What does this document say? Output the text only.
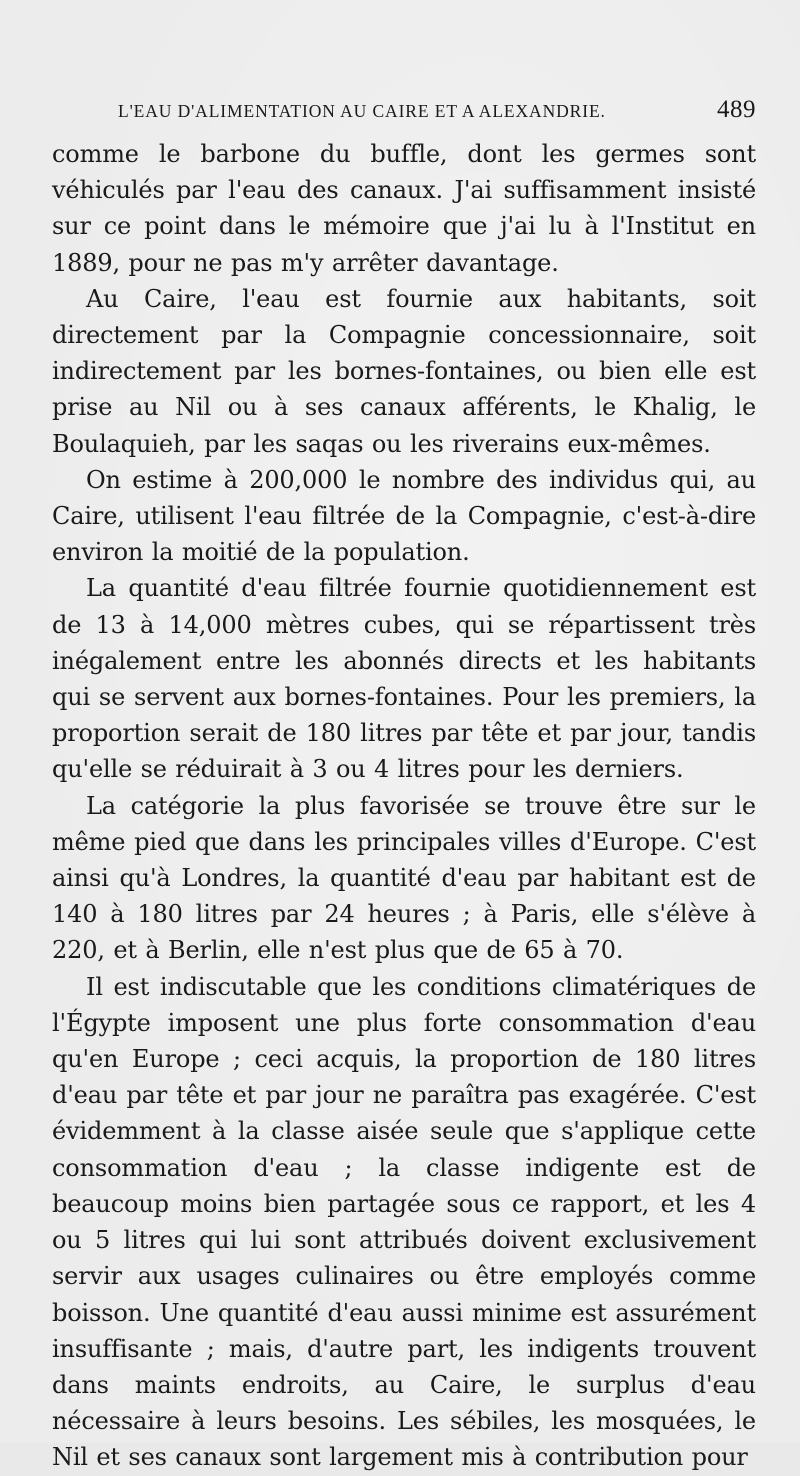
L'EAU D'ALIMENTATION AU CAIRE ET A ALEXANDRIE.	489

comme le barbone du buffle, dont les germes sont véhiculés par l'eau des canaux. J'ai suffisamment insisté sur ce point dans le mémoire que j'ai lu à l'Institut en 1889, pour ne pas m'y arrêter davantage.

Au Caire, l'eau est fournie aux habitants, soit directement par la Compagnie concessionnaire, soit indirectement par les bornes-fontaines, ou bien elle est prise au Nil ou à ses canaux afférents, le Khalig, le Boulaquieh, par les saqas ou les riverains eux-mêmes.

On estime à 200,000 le nombre des individus qui, au Caire, utilisent l'eau filtrée de la Compagnie, c'est-à-dire environ la moitié de la population.

La quantité d'eau filtrée fournie quotidiennement est de 13 à 14,000 mètres cubes, qui se répartissent très inégalement entre les abonnés directs et les habitants qui se servent aux bornes-fontaines. Pour les premiers, la proportion serait de 180 litres par tête et par jour, tandis qu'elle se réduirait à 3 ou 4 litres pour les derniers.

La catégorie la plus favorisée se trouve être sur le même pied que dans les principales villes d'Europe. C'est ainsi qu'à Londres, la quantité d'eau par habitant est de 140 à 180 litres par 24 heures ; à Paris, elle s'élève à 220, et à Berlin, elle n'est plus que de 65 à 70.

Il est indiscutable que les conditions climatériques de l'Égypte imposent une plus forte consommation d'eau qu'en Europe ; ceci acquis, la proportion de 180 litres d'eau par tête et par jour ne paraîtra pas exagérée. C'est évidemment à la classe aisée seule que s'applique cette consommation d'eau ; la classe indigente est de beaucoup moins bien partagée sous ce rapport, et les 4 ou 5 litres qui lui sont attribués doivent exclusivement servir aux usages culinaires ou être employés comme boisson. Une quantité d'eau aussi minime est assurément insuffisante ; mais, d'autre part, les indigents trouvent dans maints endroits, au Caire, le surplus d'eau nécessaire à leurs besoins. Les sébiles, les mosquées, le Nil et ses canaux sont largement mis à contribution pour
